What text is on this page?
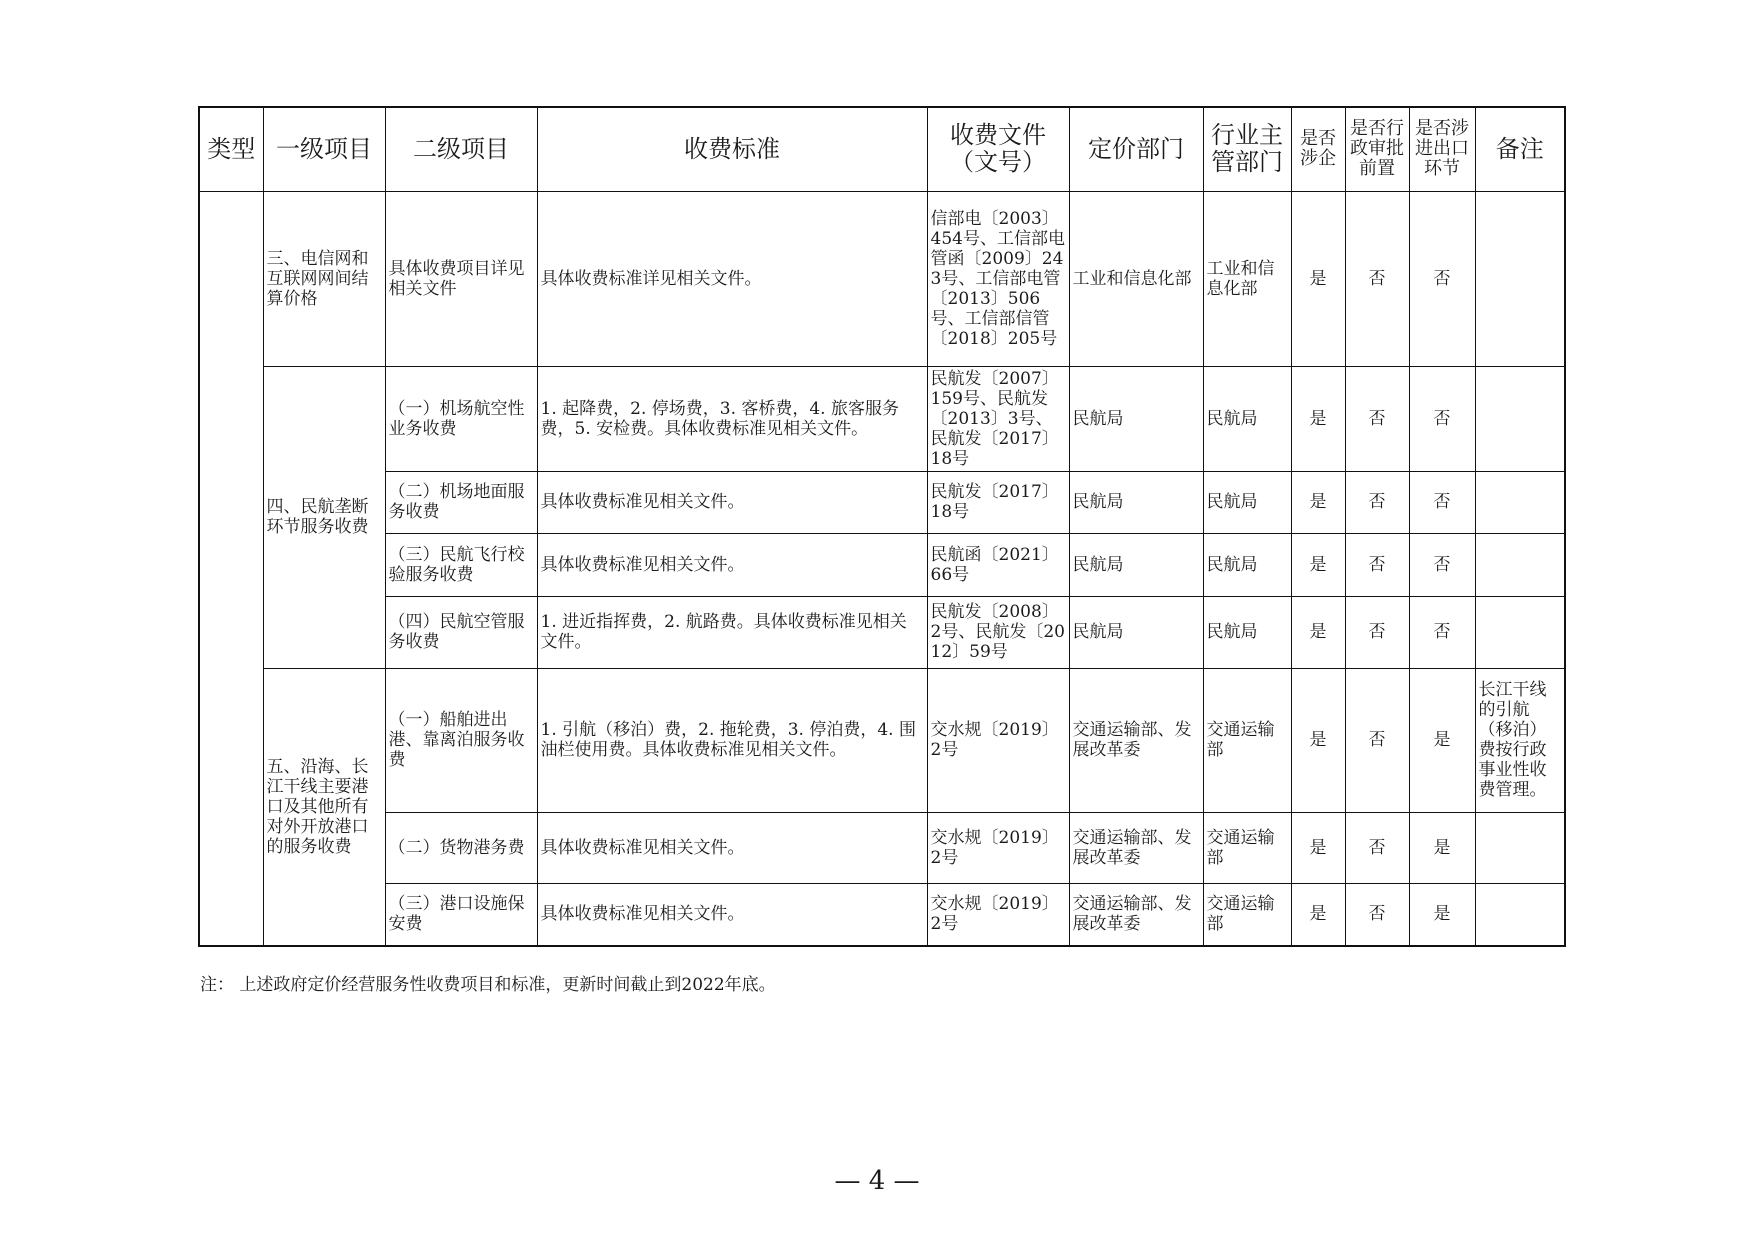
类型	一级项目	二级项目	收费标准	收费文件（文号）	定价部门	行业主管部门	是否涉企	是否行政审批前置	是否涉进出口环节	备注
	三、电信网和互联网网间结算价格	具体收费项目详见相关文件	具体收费标准详见相关文件。	信部电〔2003〕454号、工信部电管函〔2009〕243号、工信部电管〔2013〕506号、工信部信管〔2018〕205号	工业和信息化部	工业和信息化部	是	否	否	
	四、民航垄断环节服务收费	（一）机场航空性业务收费	1. 起降费，2. 停场费，3. 客桥费，4. 旅客服务费，5. 安检费。具体收费标准见相关文件。	民航发〔2007〕159号、民航发〔2013〕3号、民航发〔2017〕18号	民航局	民航局	是	否	否	
		（二）机场地面服务收费	具体收费标准见相关文件。	民航发〔2017〕18号	民航局	民航局	是	否	否	
		（三）民航飞行校验服务收费	具体收费标准见相关文件。	民航函〔2021〕66号	民航局	民航局	是	否	否	
		（四）民航空管服务收费	1. 进近指挥费，2. 航路费。具体收费标准见相关文件。	民航发〔2008〕2号、民航发〔2012〕59号	民航局	民航局	是	否	否	
	五、沿海、长江干线主要港口及其他所有对外开放港口的服务收费	（一）船舶进出港、靠离泊服务收费	1. 引航（移泊）费，2. 拖轮费，3. 停泊费，4. 围油栏使用费。具体收费标准见相关文件。	交水规〔2019〕2号	交通运输部、发展改革委	交通运输部	是	否	是	长江干线的引航（移泊）费按行政事业性收费管理。
		（二）货物港务费	具体收费标准见相关文件。	交水规〔2019〕2号	交通运输部、发展改革委	交通运输部	是	否	是	
		（三）港口设施保安费	具体收费标准见相关文件。	交水规〔2019〕2号	交通运输部、发展改革委	交通运输部	是	否	是	
注： 上述政府定价经营服务性收费项目和标准，更新时间截止到2022年底。
— 4 —
